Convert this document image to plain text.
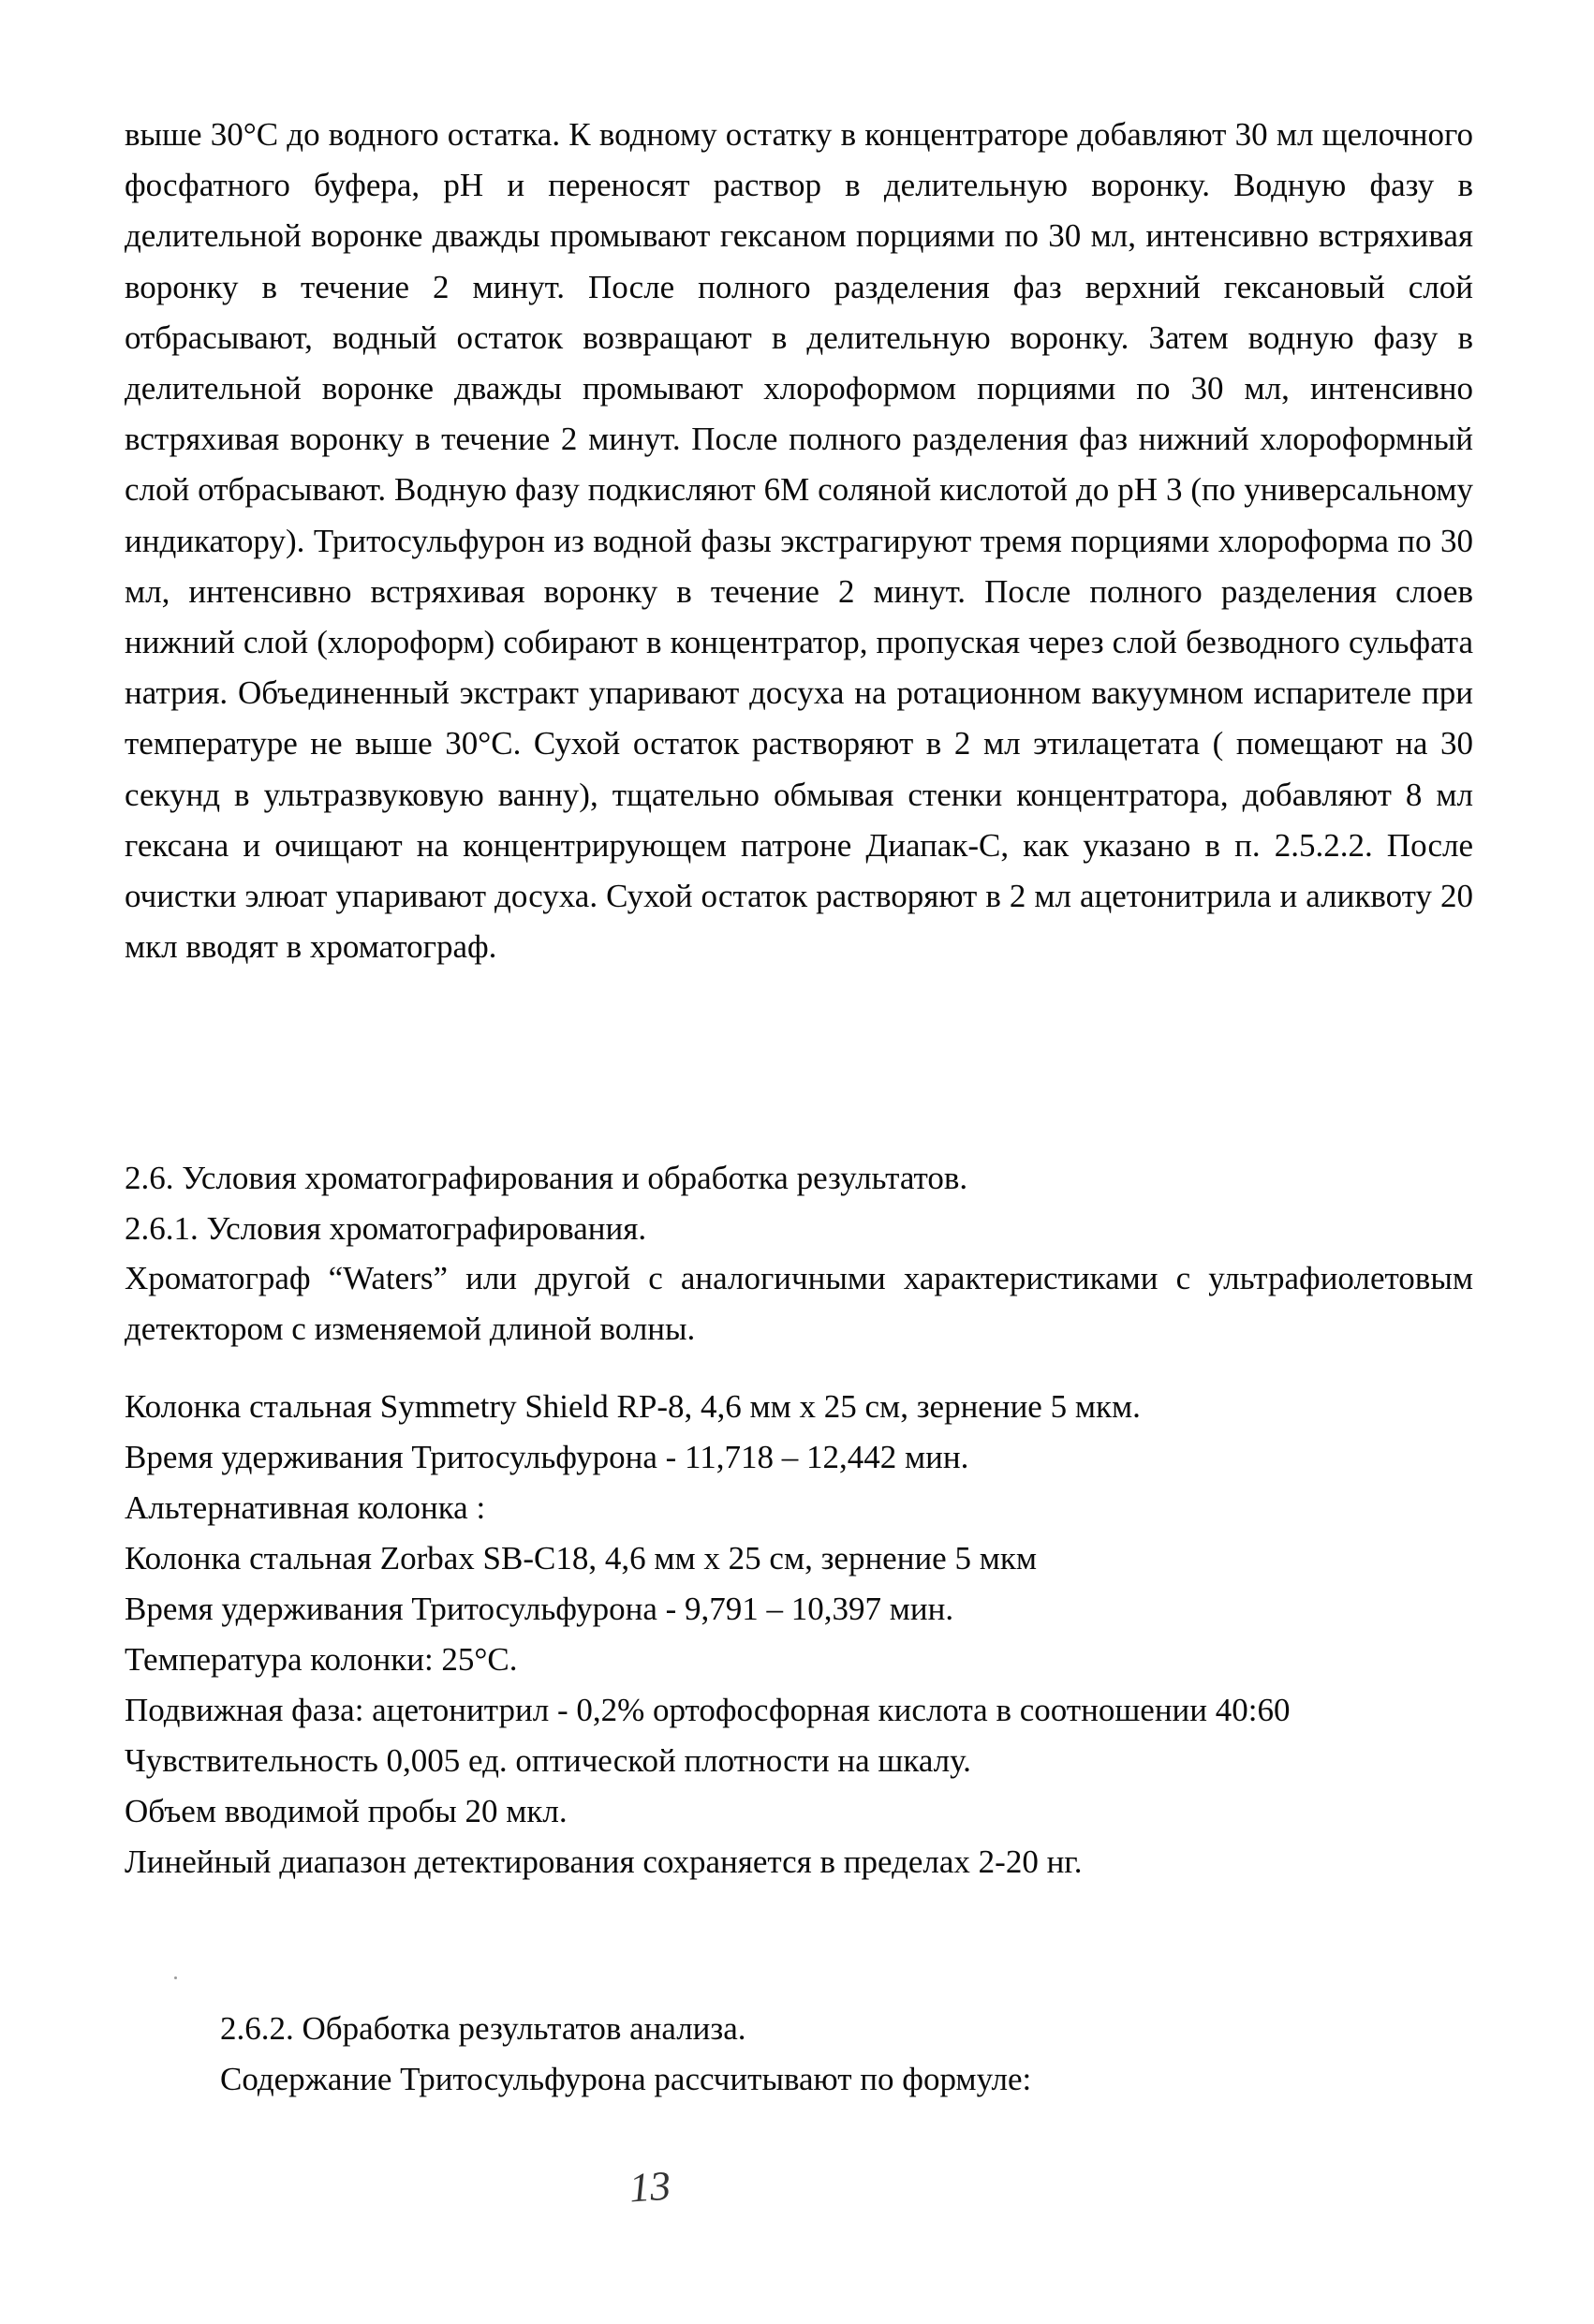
выше 30°С до водного остатка. К водному остатку в концентраторе добавляют 30 мл щелочного фосфатного буфера, рН и переносят раствор в делительную воронку. Водную фазу в делительной воронке дважды промывают гексаном порциями по 30 мл, интенсивно встряхивая воронку в течение 2 минут. После полного разделения фаз верхний гексановый слой отбрасывают, водный остаток возвращают в делительную воронку. Затем водную фазу в делительной воронке дважды промывают хлороформом порциями по 30 мл, интенсивно встряхивая воронку в течение 2 минут. После полного разделения фаз нижний хлороформный слой отбрасывают. Водную фазу подкисляют 6М соляной кислотой до рН 3 (по универсальному индикатору). Тритосульфурон из водной фазы экстрагируют тремя порциями хлороформа по 30 мл, интенсивно встряхивая воронку в течение 2 минут. После полного разделения слоев нижний слой (хлороформ) собирают в концентратор, пропуская через слой безводного сульфата натрия. Объединенный экстракт упаривают досуха на ротационном вакуумном испарителе при температуре не выше 30°С. Сухой остаток растворяют в 2 мл этилацетата ( помещают на 30 секунд в ультразвуковую ванну), тщательно обмывая стенки концентратора, добавляют 8 мл гексана и очищают на концентрирующем патроне Диапак-С, как указано в п. 2.5.2.2. После очистки элюат упаривают досуха. Сухой остаток растворяют в 2 мл ацетонитрила и аликвоту 20 мкл вводят в хроматограф.

2.6. Условия хроматографирования и обработка результатов.

2.6.1. Условия хроматографирования.

Хроматограф “Waters” или другой с аналогичными характеристиками с ультрафиолетовым детектором с изменяемой длиной волны.

Колонка стальная Symmetry Shield RP-8, 4,6 мм х 25 см, зернение 5 мкм.

Время удерживания Тритосульфурона - 11,718 – 12,442 мин.

Альтернативная колонка :

Колонка стальная Zorbax SB-C18, 4,6 мм х 25 см, зернение 5 мкм

Время удерживания Тритосульфурона - 9,791 – 10,397 мин.

Температура колонки: 25°С.

Подвижная фаза: ацетонитрил - 0,2% ортофосфорная кислота в соотношении 40:60

Чувствительность 0,005 ед. оптической плотности на шкалу.

Объем вводимой пробы 20 мкл.

Линейный диапазон детектирования сохраняется в пределах 2-20 нг.

2.6.2. Обработка результатов анализа.

Содержание Тритосульфурона рассчитывают по формуле:

13
